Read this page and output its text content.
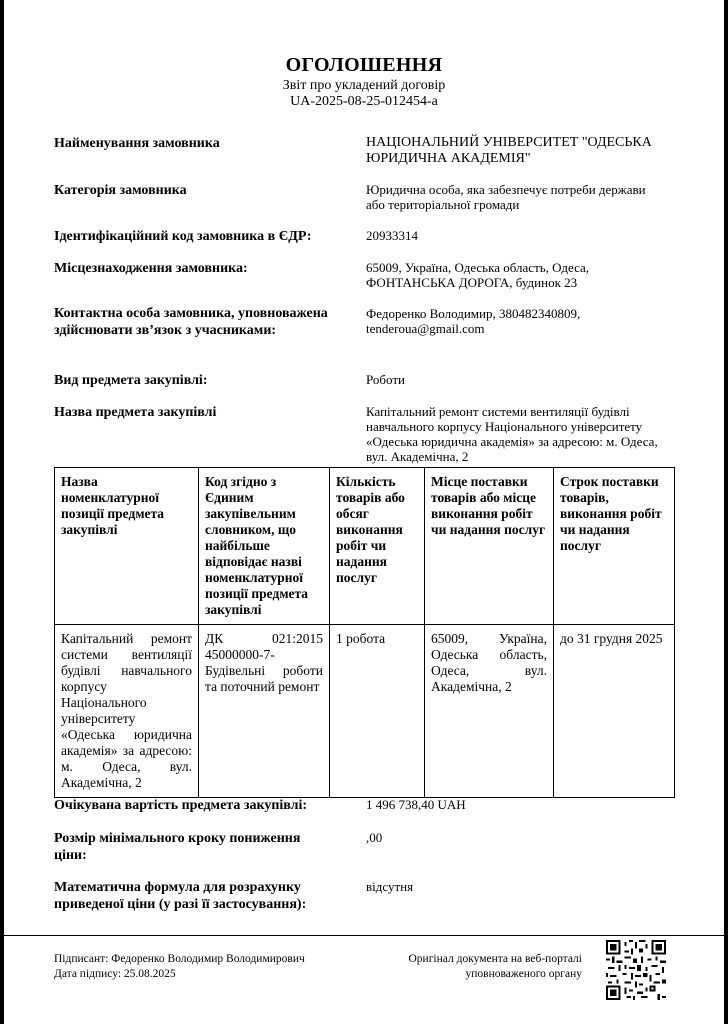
ОГОЛОШЕННЯ
Звіт про укладений договір
UA-2025-08-25-012454-a
Найменування замовника	НАЦІОНАЛЬНИЙ УНІВЕРСИТЕТ "ОДЕСЬКА ЮРИДИЧНА АКАДЕМІЯ"
Категорія замовника	Юридична особа, яка забезпечує потреби держави або територіальної громади
Ідентифікаційний код замовника в ЄДР:	20933314
Місцезнаходження замовника:	65009, Україна, Одеська область, Одеса, ФОНТАНСЬКА ДОРОГА, будинок 23
Контактна особа замовника, уповноважена здійснювати зв’язок з учасниками:
Федоренко Володимир, 380482340809, tenderoua@gmail.com
Вид предмета закупівлі:	Роботи
Назва предмета закупівлі	Капітальний ремонт системи вентиляції будівлі навчального корпусу Національного університету «Одеська юридична академія» за адресою: м. Одеса, вул. Академічна, 2
Назва номенклатурної позиції предмета закупівлі	Код згідно з Єдиним закупівельним словником, що найбільше відповідає назві номенклатурної позиції предмета закупівлі	Кількість товарів або обсяг виконання робіт чи надання послуг	Місце поставки товарів або місце виконання робіт чи надання послуг	Строк поставки товарів, виконання робіт чи надання послуг
Капітальний ремонт системи вентиляції будівлі навчального корпусу Національного університету «Одеська юридична академія» за адресою: м. Одеса, вул. Академічна, 2	ДК 021:2015 45000000-7-Будівельні роботи та поточний ремонт	1 робота	65009, Україна, Одеська область, Одеса, вул. Академічна, 2	до 31 грудня 2025
Очікувана вартість предмета закупівлі:	1 496 738,40 UAH
Розмір мінімального кроку пониження ціни:
,00
Математична формула для розрахунку приведеної ціни (у разі її застосування):
відсутня
Підписант: Федоренко Володимир Володимирович
Дата підпису: 25.08.2025
Оригінал документа на веб-порталі
уповноваженого органу
